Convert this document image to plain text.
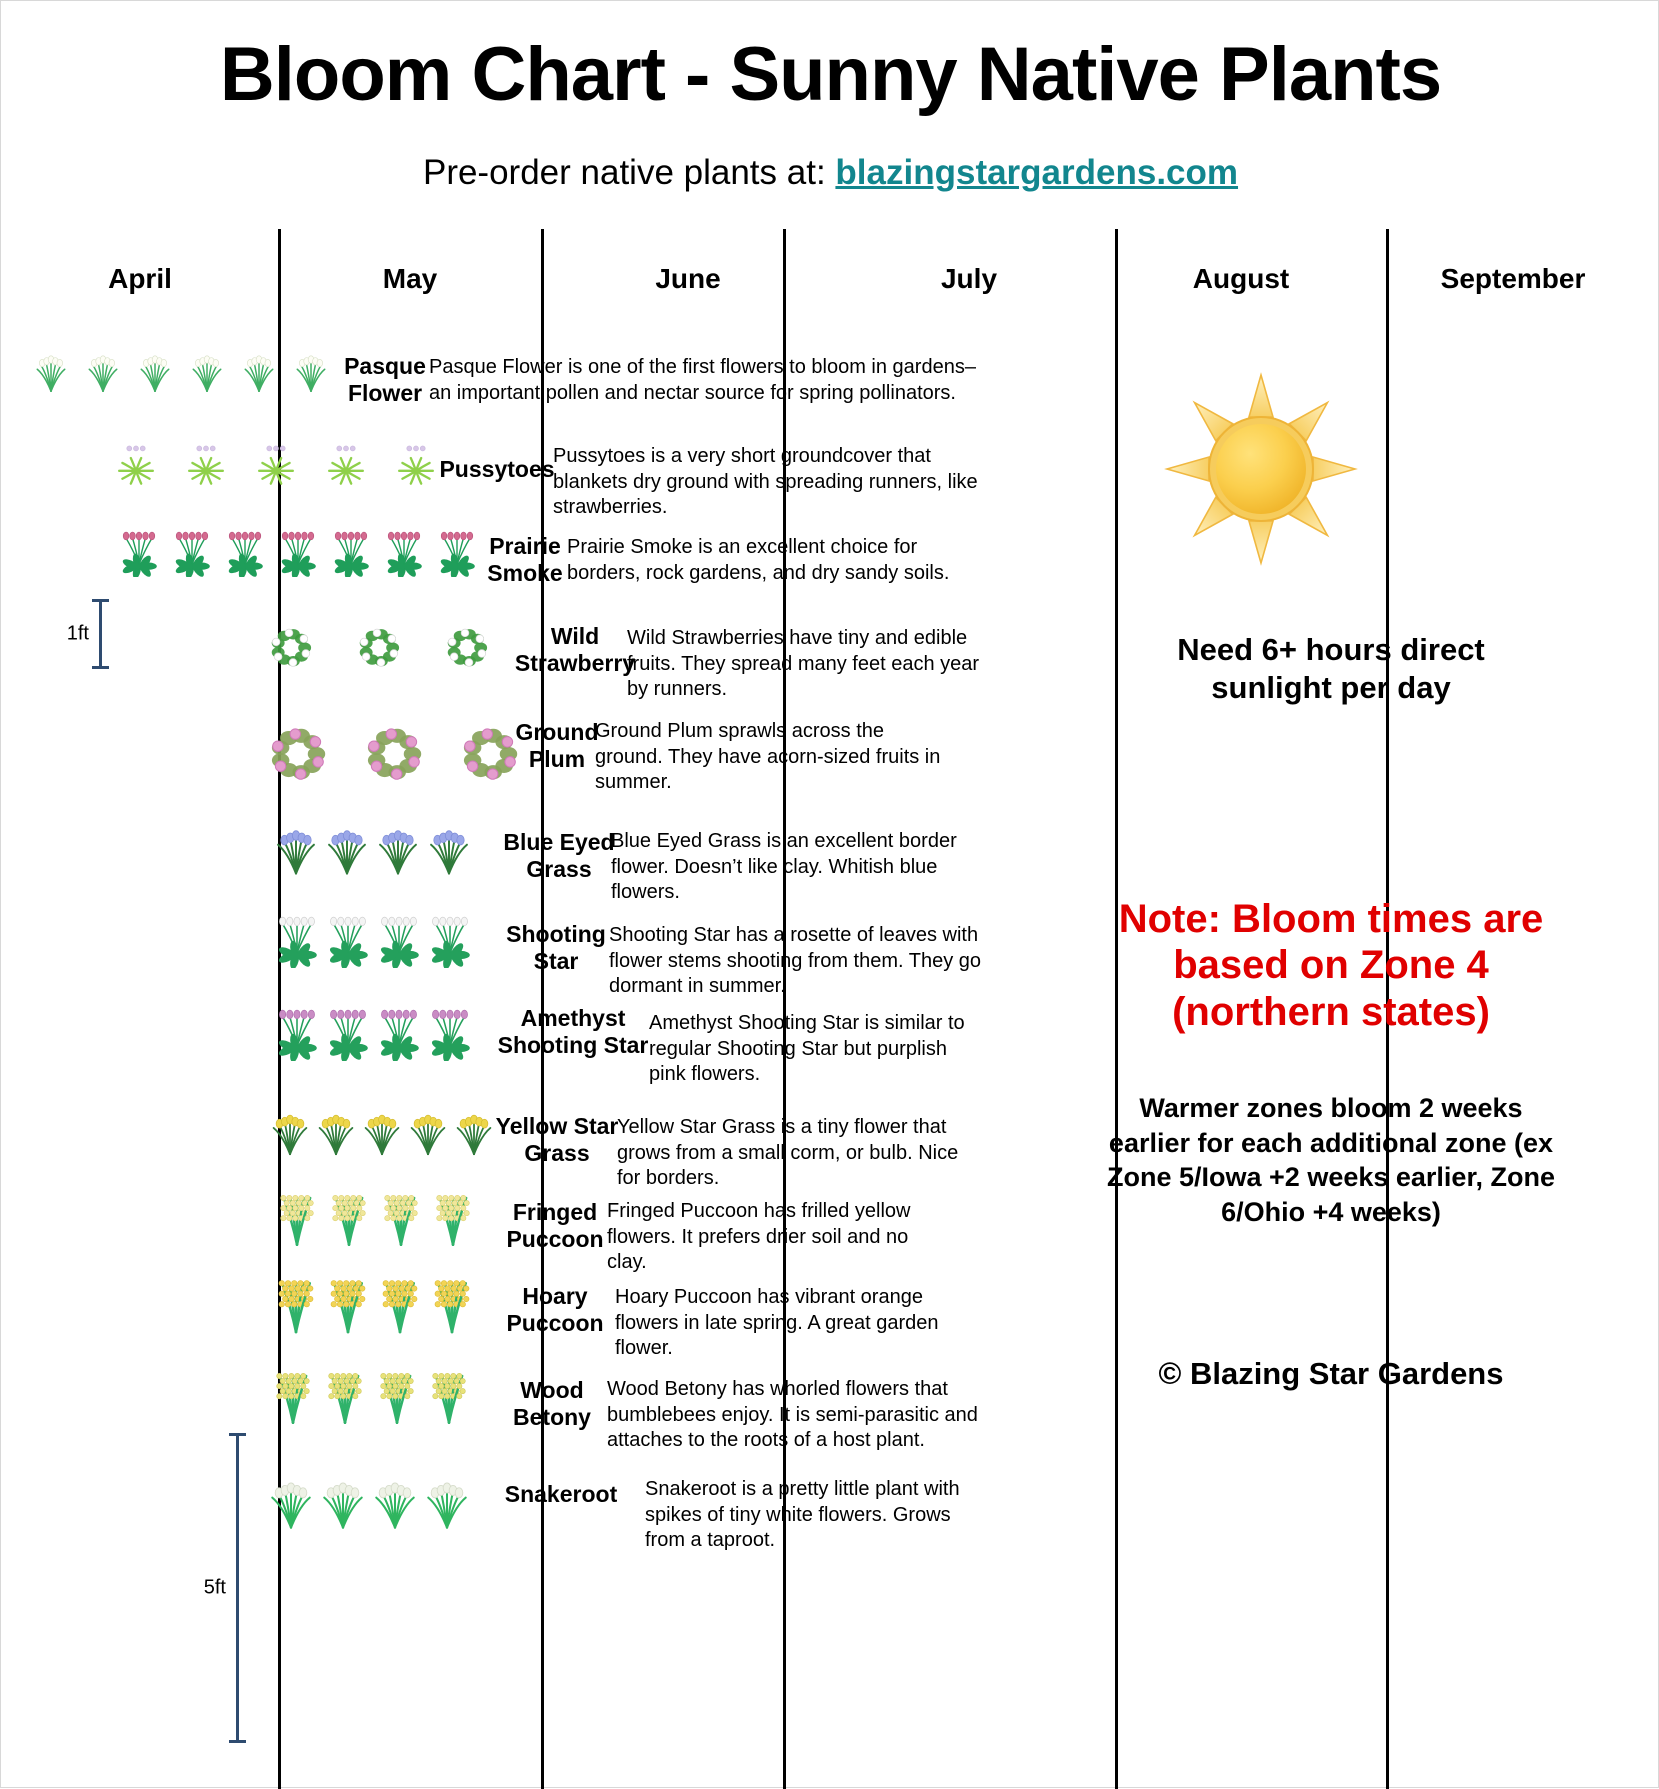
Bloom Chart - Sunny Native Plants
Pre-order native plants at: blazingstargardens.com
April	May	June	July	August	September
Pasque
Flower
Pasque Flower is one of the first flowers to bloom in gardens–an important pollen and nectar source for spring pollinators.
Pussytoes
Pussytoes is a very short groundcover that blankets dry ground with spreading runners, like strawberries.
Prairie
Smoke
Prairie Smoke is an excellent choice for borders, rock gardens, and dry sandy soils.
Wild
Strawberry
Wild Strawberries have tiny and edible fruits. They spread many feet each year by runners.
Ground
Plum
Ground Plum sprawls across the ground. They have acorn-sized fruits in summer.
Blue Eyed
Grass
Blue Eyed Grass is an excellent border flower. Doesn’t like clay. Whitish blue flowers.
Shooting
Star
Shooting Star has a rosette of leaves with flower stems shooting from them. They go dormant in summer.
Amethyst
Shooting Star
Amethyst Shooting Star is similar to regular Shooting Star but purplish pink flowers.
Yellow Star
Grass
Yellow Star Grass is a tiny flower that grows from a small corm, or bulb. Nice for borders.
Fringed
Puccoon
Fringed Puccoon has frilled yellow flowers. It prefers drier soil and no clay.
Hoary
Puccoon
Hoary Puccoon has vibrant orange flowers in late spring. A great garden flower.
Wood
Betony
Wood Betony has whorled flowers that bumblebees enjoy. It is semi-parasitic and attaches to the roots of a host plant.
Snakeroot	Snakeroot is a pretty little plant with spikes of tiny white flowers. Grows from a taproot.
1ft
5ft
Need 6+ hours direct sunlight per day
Note: Bloom times are based on Zone 4 (northern states)
Warmer zones bloom 2 weeks earlier for each additional zone (ex Zone 5/Iowa +2 weeks earlier, Zone 6/Ohio +4 weeks)
© Blazing Star Gardens
